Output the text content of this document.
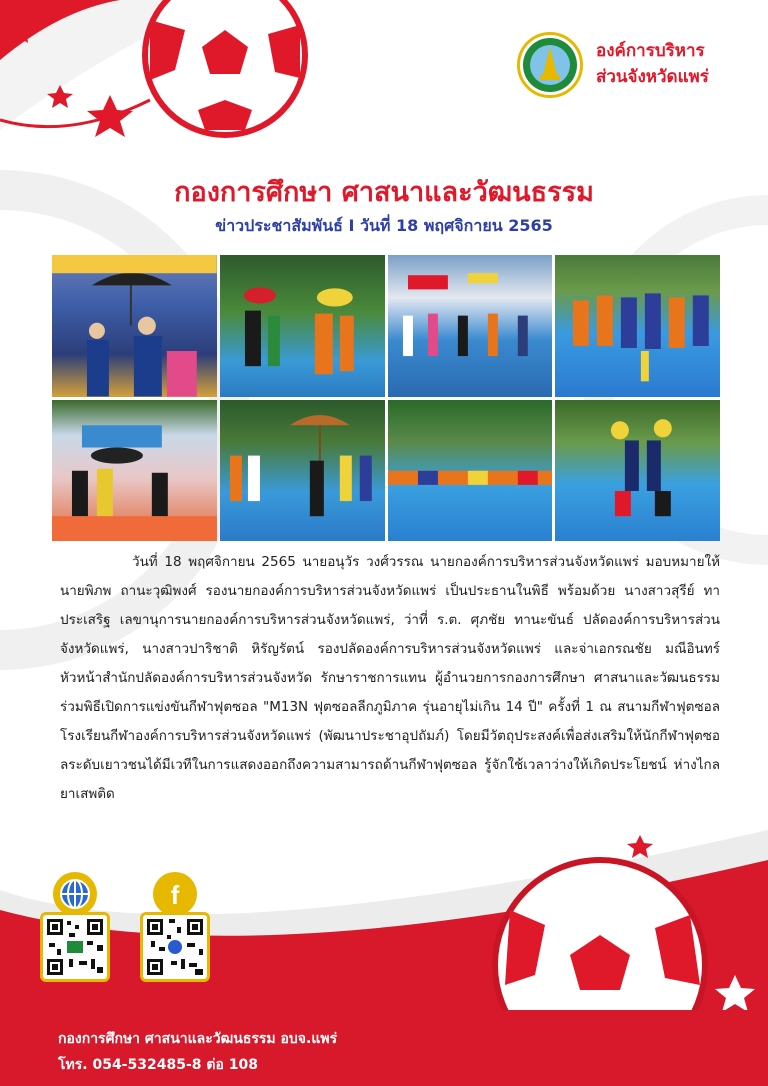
องค์การบริหาร
ส่วนจังหวัดแพร่
กองการศึกษา ศาสนาและวัฒนธรรม
ข่าวประชาสัมพันธ์ I วันที่ 18 พฤศจิกายน 2565

วันที่ 18 พฤศจิกายน 2565 นายอนุวัร วงศ์วรรณ นายกองค์การบริหารส่วนจังหวัดแพร่ มอบหมายให้ นายพิภพ ถานะวุฒิพงศ์ รองนายกองค์การบริหารส่วนจังหวัดแพร่ เป็นประธานในพิธี พร้อมด้วย นางสาวสุรีย์ ทาประเสริฐ เลขานุการนายกองค์การบริหารส่วนจังหวัดแพร่, ว่าที่ ร.ต. ศุภชัย ทานะขันธ์ ปลัดองค์การบริหารส่วนจังหวัดแพร่, นางสาวปาริชาติ หิรัญรัตน์ รองปลัดองค์การบริหารส่วนจังหวัดแพร่ และจ่าเอกรณชัย มณีอินทร์ หัวหน้าสำนักปลัดองค์การบริหารส่วนจังหวัด รักษาราชการแทน ผู้อำนวยการกองการศึกษา ศาสนาและวัฒนธรรม ร่วมพิธีเปิดการแข่งขันกีฬาฟุตซอล "M13N ฟุตซอลลีกภูมิภาค รุ่นอายุไม่เกิน 14 ปี" ครั้งที่ 1 ณ สนามกีฬาฟุตซอลโรงเรียนกีฬาองค์การบริหารส่วนจังหวัดแพร่ (พัฒนาประชาอุปถัมภ์) โดยมีวัตถุประสงค์เพื่อส่งเสริมให้นักกีฬาฟุตซอลระดับเยาวชนได้มีเวทีในการแสดงออกถึงความสามารถด้านกีฬาฟุตซอล รู้จักใช้เวลาว่างให้เกิดประโยชน์ ห่างไกลยาเสพติด

f
กองการศึกษา ศาสนาและวัฒนธรรม อบจ.แพร่
โทร. 054-532485-8 ต่อ 108
